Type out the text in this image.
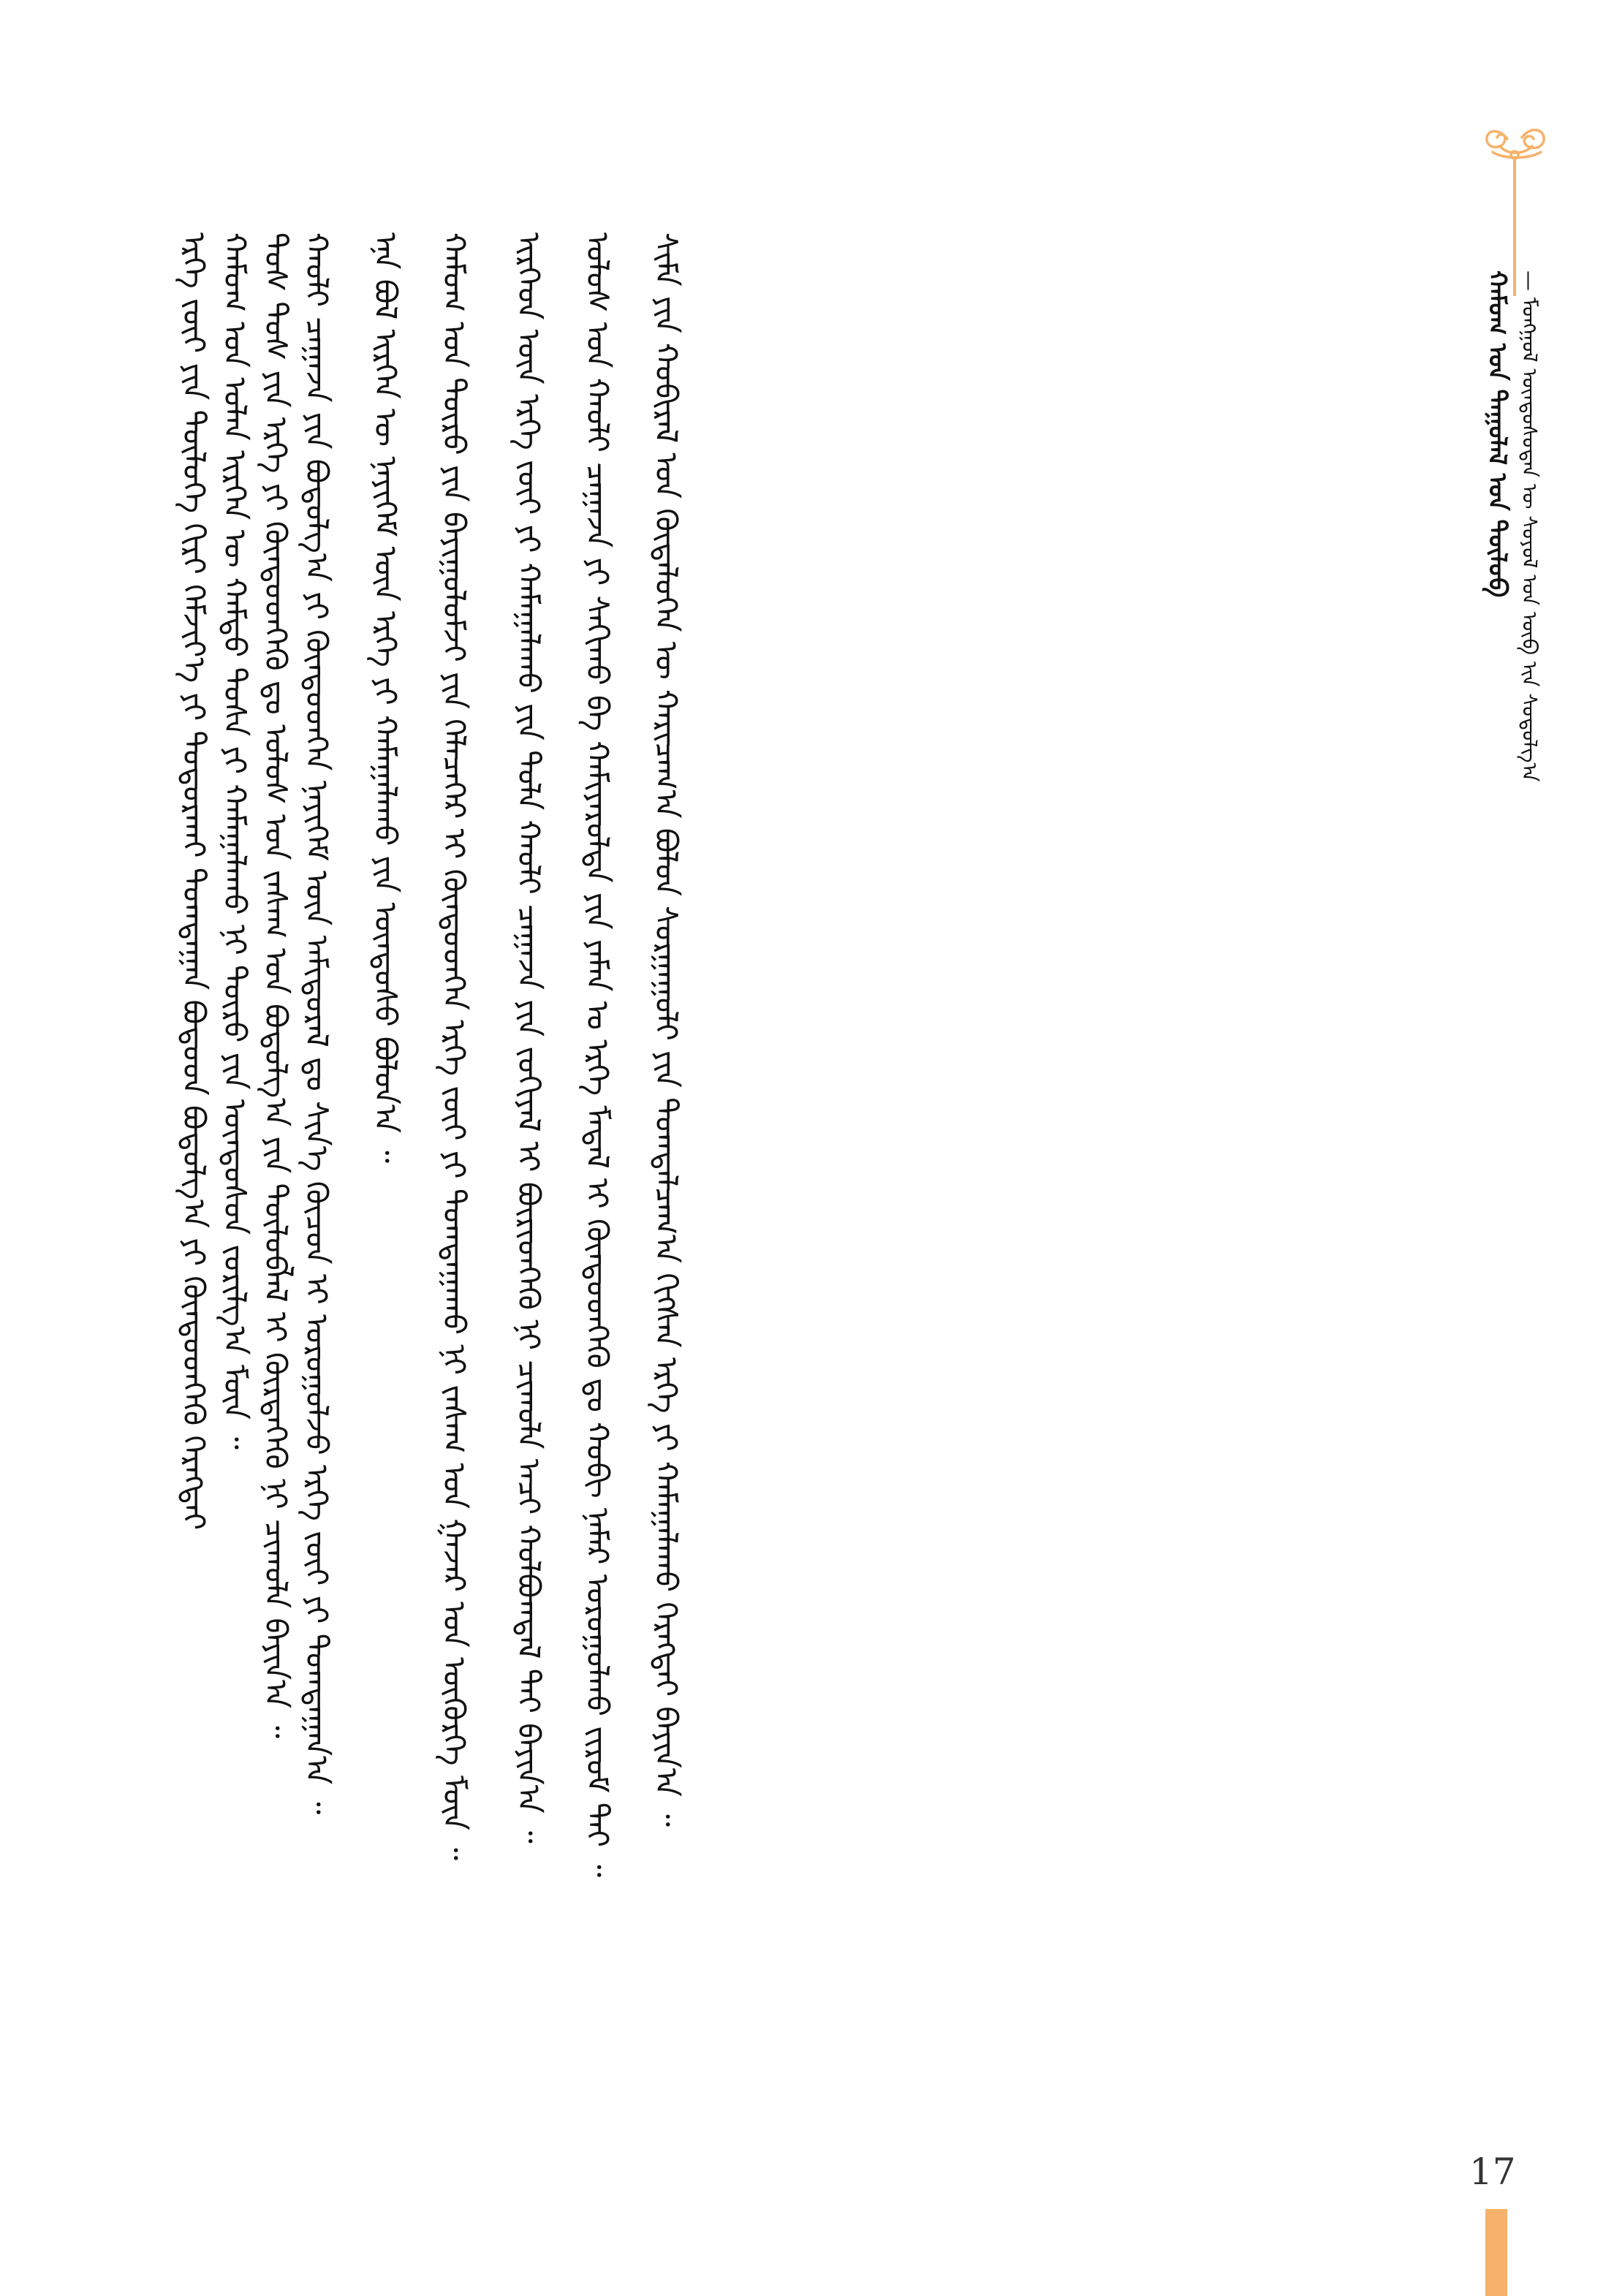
ᠬᠠᠮᠤᠭ ᠤᠨ ᠲᠠᠭᠤᠯᠠᠯ ᠤᠨ ᠲᠦᠯᠦᠪ — ᠮᠣᠩᠭᠣᠯ ᠦᠨᠳᠦᠰᠦᠲᠡᠨ ᠦ ᠰᠣᠶᠣᠯ ᠤᠨ ᠦᠪ ᠢᠨ ᠰᠤᠳᠤᠯᠭ᠎ᠠ
ᠰᠢᠮᠡ ᠶᠢᠨ ᠬᠤᠪᠢᠷᠠᠯ ᠤᠨ ᠬᠦᠳᠡᠯᠦᠭᠡᠨ ᠦ ᠬᠠᠷᠢᠴᠠᠭ᠎ᠠ ᠪᠣᠯᠤᠨ ᠰᠤᠷᠭᠠᠭᠤᠯᠢ ᠶᠢᠨ ᠲᠣᠭᠲᠠᠯᠴᠠᠭ᠎ᠠ ᠬᠢᠭᠰᠡᠨ ᠡᠷᠬᠡ ᠶᠢ ᠬᠠᠮᠠᠭᠠᠯᠠᠬᠤ ᠬᠡᠷᠡᠭᠲᠡᠢ ᠪᠠᠶᠢᠨ᠎ᠠ ᠃
ᠤᠯᠤᠰ ᠤᠨ ᠬᠠᠤᠯᠢ ᠴᠠᠭᠠᠵᠠ ᠶᠢ ᠰᠠᠬᠢᠬᠤ ᠪᠠ ᠬᠠᠮᠢᠶᠠᠷᠤᠯᠲᠠ ᠶᠢᠨ ᠶᠠᠮᠠᠨ ᠤ ᠡᠷᠬᠡ ᠮᠡᠳᠡᠯ ᠢ ᠬᠦᠨᠳᠦᠳᠬᠡᠬᠦ ᠳᠤ ᠬᠤᠪᠢ ᠨᠡᠮᠡᠷ ᠣᠷᠤᠭᠤᠯᠬᠤ ᠵᠢᠷᠤᠮ ᠲᠠᠢ ᠃
ᠢᠷᠭᠡᠳ ᠦᠨ ᠡᠷᠬᠡ ᠵᠦᠢ ᠶᠢ ᠬᠠᠮᠠᠭᠠᠯᠠᠬᠤ ᠶᠢᠨ ᠲᠣᠯᠠ ᠬᠠᠤᠯᠢ ᠴᠠᠭᠠᠵᠠ ᠶᠢᠨ ᠵᠣᠬᠢᠶᠠᠯ ᠢ ᠪᠦᠷᠢᠳᠬᠡᠬᠦ ᠨᠢ ᠴᠢᠬᠤᠯᠠ ᠠᠴᠢ ᠬᠣᠯᠪᠣᠭᠳᠠᠯ ᠲᠠᠢ ᠪᠠᠶᠢᠨ᠎ᠠ ᠃
ᠬᠠᠮᠤᠭ ᠤᠨ ᠲᠦᠷᠦ ᠶᠢᠨ ᠪᠠᠶᠢᠭᠤᠯᠤᠮᠵᠢ ᠶᠢᠨ ᠬᠡᠯᠡᠴᠡᠭᠡᠷ ᠢ ᠬᠦᠨᠳᠦᠳᠬᠡᠨ ᠡᠷᠬᠡ ᠵᠦᠢ ᠶᠢ ᠲᠣᠭᠲᠠᠭᠠᠬᠤ ᠨᠢ ᠵᠠᠰᠠᠭ ᠤᠨ ᠭᠠᠵᠠᠷ ᠤᠨ ᠦᠬᠦᠷᠭᠡ ᠮᠥᠨ ᠃
ᠡᠨᠡ ᠪᠣᠯ ᠢᠷᠭᠡᠨ ᠦ ᠨᠡᠶᠢᠭᠡᠮ ᠦᠨ ᠡᠷᠬᠡ ᠶᠢ ᠬᠠᠮᠠᠭᠠᠯᠠᠬᠤ ᠶᠢᠨ ᠦᠨᠳᠦᠰᠦ ᠪᠣᠯᠣᠨ᠎ᠠ ᠃
ᠬᠠᠤᠯᠢ ᠴᠠᠭᠠᠵᠠ ᠶᠢᠨ ᠪᠣᠳᠤᠯᠭ᠎ᠠ ᠶᠢ ᠬᠦᠨᠳᠦᠳᠬᠡᠨ ᠨᠡᠶᠢᠭᠡᠮ ᠦᠨ ᠠᠮᠢᠳᠤᠷᠠᠯ ᠳᠤ ᠰᠢᠨ᠎ᠡ ᠬᠦᠴᠦᠨ ᠢ ᠣᠷᠤᠭᠤᠯᠵᠤ ᠡᠷᠬᠡ ᠵᠦᠢ ᠶᠢ ᠲᠣᠭᠲᠠᠭᠠᠨ᠎ᠠ ᠃
ᠲᠤᠰ ᠲᠤᠰ ᠶᠢᠨ ᠡᠷᠬᠡ ᠶᠢ ᠬᠦᠨᠳᠦᠳᠬᠡᠬᠦ ᠳᠤ ᠤᠯᠤᠰ ᠤᠨ ᠵᠠᠰᠠᠭ ᠤᠨ ᠪᠣᠳᠤᠯᠭ᠎ᠠ ᠶᠢᠨ ᠲᠥᠯᠥᠪᠯᠡᠯ ᠢ ᠬᠦᠷᠲᠡᠭᠡᠬᠦ ᠨᠢ ᠴᠢᠬᠤᠯᠠ ᠪᠠᠶᠢᠨ᠎ᠠ ᠃
ᠬᠠᠮᠤᠭ ᠤᠨ ᠣᠯᠠᠨ ᠢᠷᠭᠡᠨ ᠦ ᠬᠠᠮᠲᠤ ᠲᠤᠰᠠ ᠶᠢ ᠬᠠᠮᠠᠭᠠᠯᠠᠬᠤ ᠨᠢ ᠲᠥᠷᠦ ᠶᠢᠨ ᠦᠨᠳᠦᠰᠦᠨ ᠵᠣᠷᠢᠯᠭ᠎ᠠ ᠮᠥᠨ ᠃
ᠡᠷᠬᠡ ᠵᠦᠢ ᠶᠢᠨ ᠲᠥᠯᠥᠭᠡ ᠬᠢᠷᠢ ᠬᠡᠮᠵᠢᠶ᠎ᠡ ᠶᠢ ᠲᠣᠳᠤᠷᠬᠠᠢ ᠲᠣᠭᠲᠠᠭᠠᠨ ᠪᠣᠳᠤᠳ ᠪᠣᠳᠤᠯᠭ᠎ᠠ ᠶᠢ ᠬᠦᠨᠳᠦᠳᠬᠡᠬᠦ ᠬᠡᠷᠡᠭᠲᠡᠢ
17
